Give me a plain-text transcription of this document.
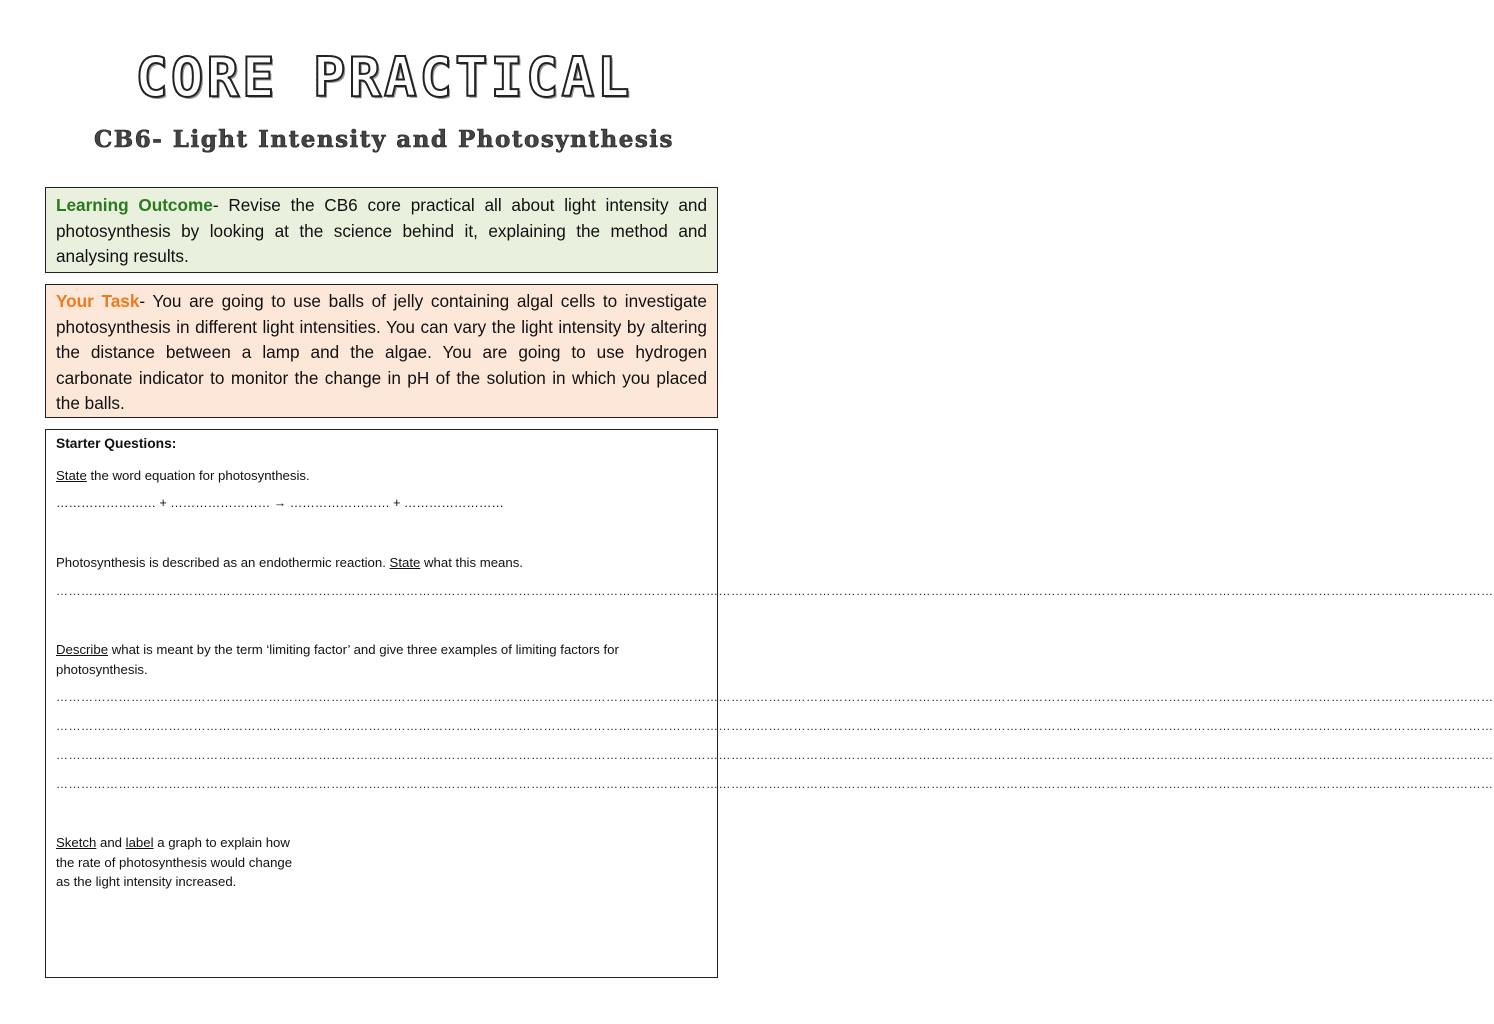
CORE PRACTICAL
CB6- Light Intensity and Photosynthesis
Learning Outcome- Revise the CB6 core practical all about light intensity and photosynthesis by looking at the science behind it, explaining the method and analysing results.
Your Task- You are going to use balls of jelly containing algal cells to investigate photosynthesis in different light intensities. You can vary the light intensity by altering the distance between a lamp and the algae. You are going to use hydrogen carbonate indicator to monitor the change in pH of the solution in which you placed the balls.
Starter Questions:
State the word equation for photosynthesis.
…………………… + …………………… → …………………… + ……………………
Photosynthesis is described as an endothermic reaction. State what this means.
…………………………………………………………………………………………………………………………………………………………………………………………………………………………………………………………………………………………………………………
Describe what is meant by the term ‘limiting factor’ and give three examples of limiting factors for photosynthesis.
…………………………………………………………………………………………………………………………………………………………………………………………………………………………………………………………………………………………………………………
…………………………………………………………………………………………………………………………………………………………………………………………………………………………………………………………………………………………………………………
…………………………………………………………………………………………………………………………………………………………………………………………………………………………………………………………………………………………………………………
…………………………………………………………………………………………………………………………………………………………………………………………………………………………………………………………………………………………………………………
Sketch and label a graph to explain how
the rate of photosynthesis would change
as the light intensity increased.
